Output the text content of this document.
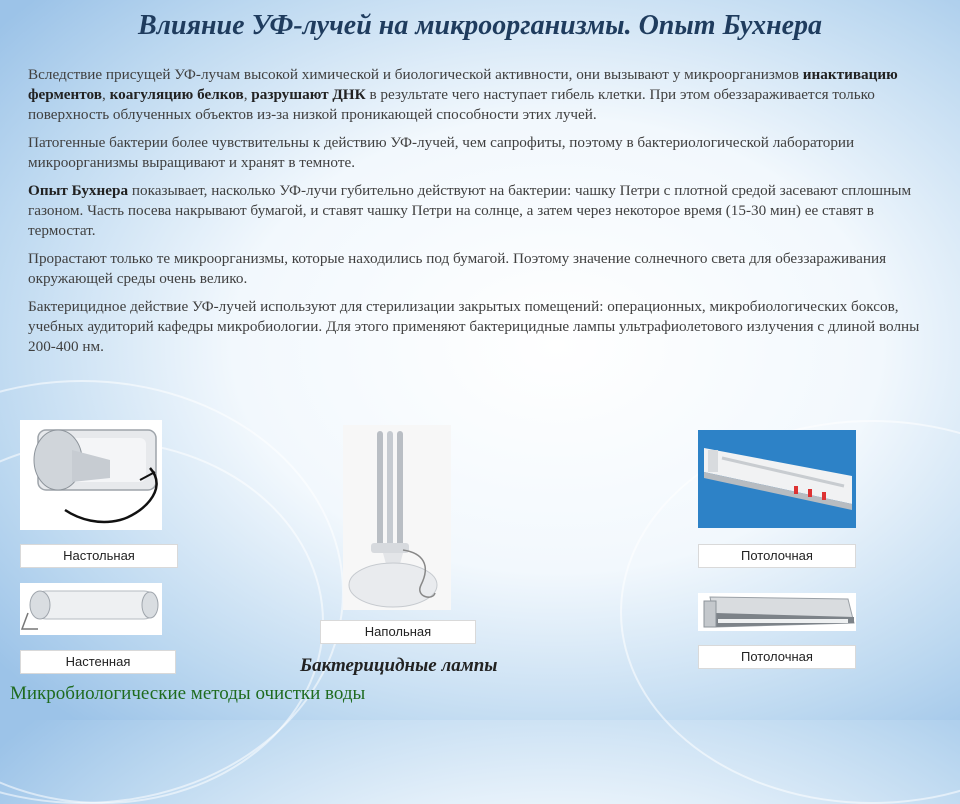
Влияние УФ-лучей на микроорганизмы. Опыт Бухнера

Вследствие присущей УФ-лучам высокой химической и биологической активности, они вызывают у микроорганизмов инактивацию ферментов, коагуляцию белков, разрушают ДНК в результате чего наступает гибель клетки. При этом обеззараживается только поверхность облученных объектов из-за низкой проникающей способности этих лучей.

Патогенные бактерии более чувствительны к действию УФ-лучей, чем сапрофиты, поэтому в бактериологической лаборатории микроорганизмы выращивают и хранят в темноте.

Опыт Бухнера показывает, насколько УФ-лучи губительно действуют на бактерии: чашку Петри с плотной средой засевают сплошным газоном. Часть посева накрывают бумагой, и ставят чашку Петри на солнце, а затем через некоторое время (15-30 мин) ее ставят в термостат.

Прорастают только те микроорганизмы, которые находились под бумагой. Поэтому значение солнечного света для обеззараживания окружающей среды очень велико.

Бактерицидное действие УФ-лучей используют для стерилизации закрытых помещений: операционных, микробиологических боксов, учебных аудиторий кафедры микробиологии. Для этого применяют бактерицидные лампы ультрафиолетового излучения с длиной волны 200-400 нм.

Настольная
Настенная
Напольная
Потолочная
Потолочная
Бактерицидные лампы
Микробиологические методы очистки воды
